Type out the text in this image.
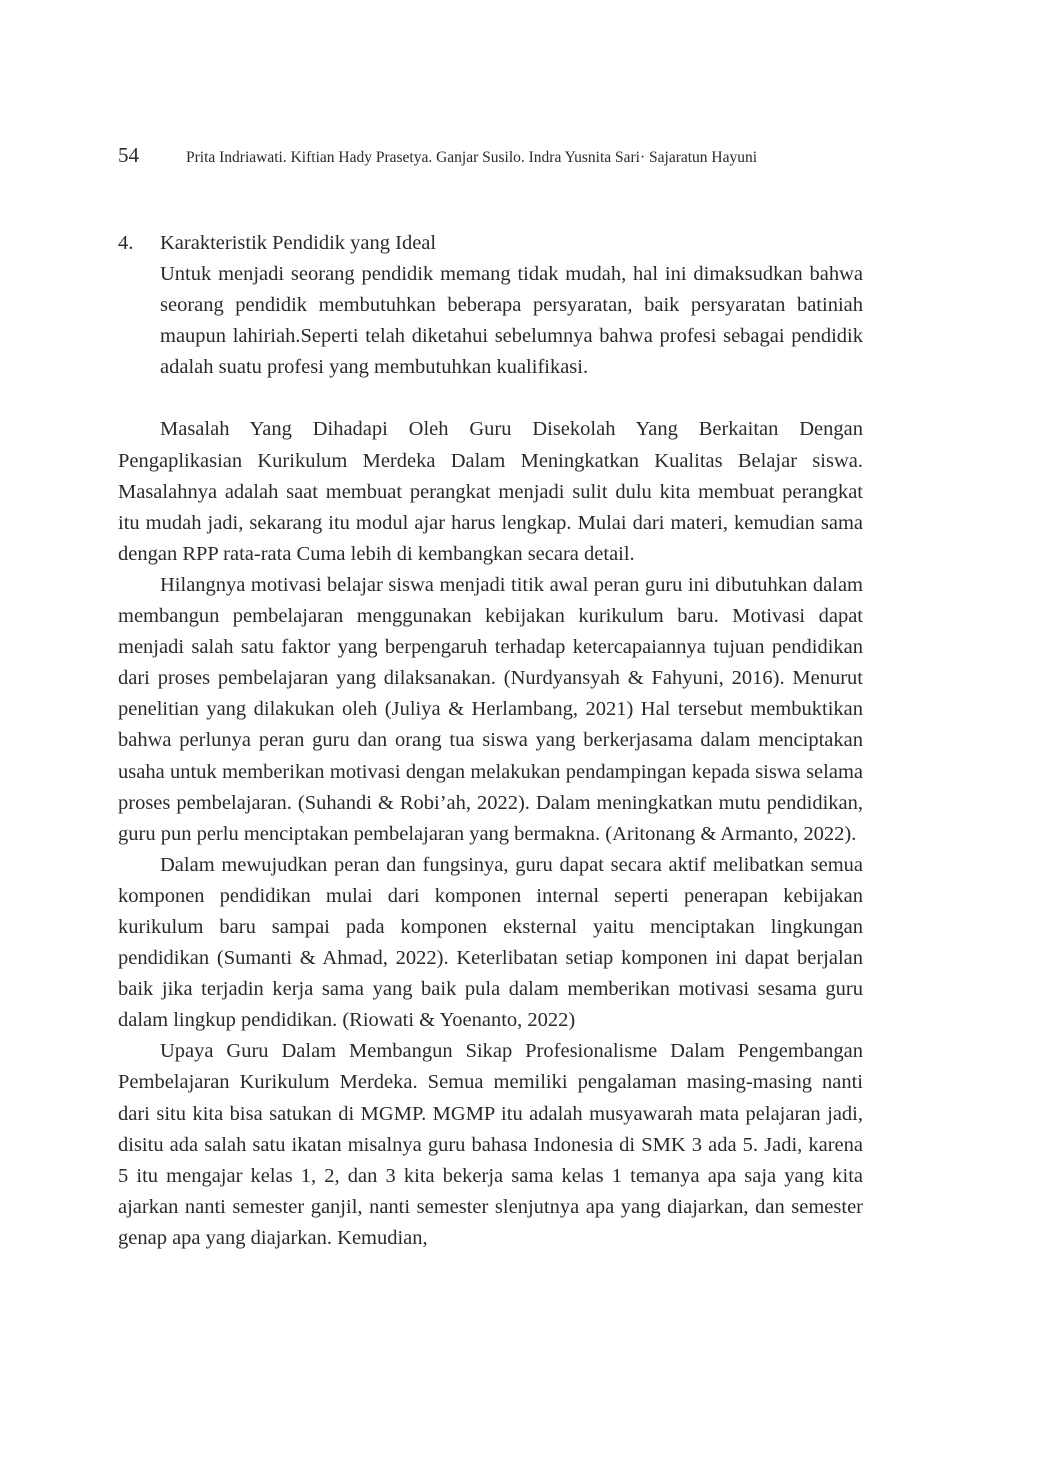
54	Prita Indriawati. Kiftian Hady Prasetya. Ganjar Susilo. Indra Yusnita Sari· Sajaratun Hayuni
4.	Karakteristik Pendidik yang Ideal

Untuk menjadi seorang pendidik memang tidak mudah, hal ini dimaksudkan bahwa seorang pendidik membutuhkan beberapa persyaratan, baik persyaratan batiniah maupun lahiriah.Seperti telah diketahui sebelumnya bahwa profesi sebagai pendidik adalah suatu profesi yang membutuhkan kualifikasi.

Masalah Yang Dihadapi Oleh Guru Disekolah Yang Berkaitan Dengan Pengaplikasian Kurikulum Merdeka Dalam Meningkatkan Kualitas Belajar siswa. Masalahnya adalah saat membuat perangkat menjadi sulit dulu kita membuat perangkat itu mudah jadi, sekarang itu modul ajar harus lengkap. Mulai dari materi, kemudian sama dengan RPP rata-rata Cuma lebih di kembangkan secara detail.

Hilangnya motivasi belajar siswa menjadi titik awal peran guru ini dibutuhkan dalam membangun pembelajaran menggunakan kebijakan kurikulum baru. Motivasi dapat menjadi salah satu faktor yang berpengaruh terhadap ketercapaiannya tujuan pendidikan dari proses pembelajaran yang dilaksanakan. (Nurdyansyah & Fahyuni, 2016). Menurut penelitian yang dilakukan oleh (Juliya & Herlambang, 2021) Hal tersebut membuktikan bahwa perlunya peran guru dan orang tua siswa yang berkerjasama dalam menciptakan usaha untuk memberikan motivasi dengan melakukan pendampingan kepada siswa selama proses pembelajaran. (Suhandi & Robi’ah, 2022). Dalam meningkatkan mutu pendidikan, guru pun perlu menciptakan pembelajaran yang bermakna. (Aritonang & Armanto, 2022).

Dalam mewujudkan peran dan fungsinya, guru dapat secara aktif melibatkan semua komponen pendidikan mulai dari komponen internal seperti penerapan kebijakan kurikulum baru sampai pada komponen eksternal yaitu menciptakan lingkungan pendidikan (Sumanti & Ahmad, 2022). Keterlibatan setiap komponen ini dapat berjalan baik jika terjadin kerja sama yang baik pula dalam memberikan motivasi sesama guru dalam lingkup pendidikan. (Riowati & Yoenanto, 2022)

Upaya Guru Dalam Membangun Sikap Profesionalisme Dalam Pengembangan Pembelajaran Kurikulum Merdeka. Semua memiliki pengalaman masing-masing nanti dari situ kita bisa satukan di MGMP. MGMP itu adalah musyawarah mata pelajaran jadi, disitu ada salah satu ikatan misalnya guru bahasa Indonesia di SMK 3 ada 5. Jadi, karena 5 itu mengajar kelas 1, 2, dan 3 kita bekerja sama kelas 1 temanya apa saja yang kita ajarkan nanti semester ganjil, nanti semester slenjutnya apa yang diajarkan, dan semester genap apa yang diajarkan. Kemudian,
